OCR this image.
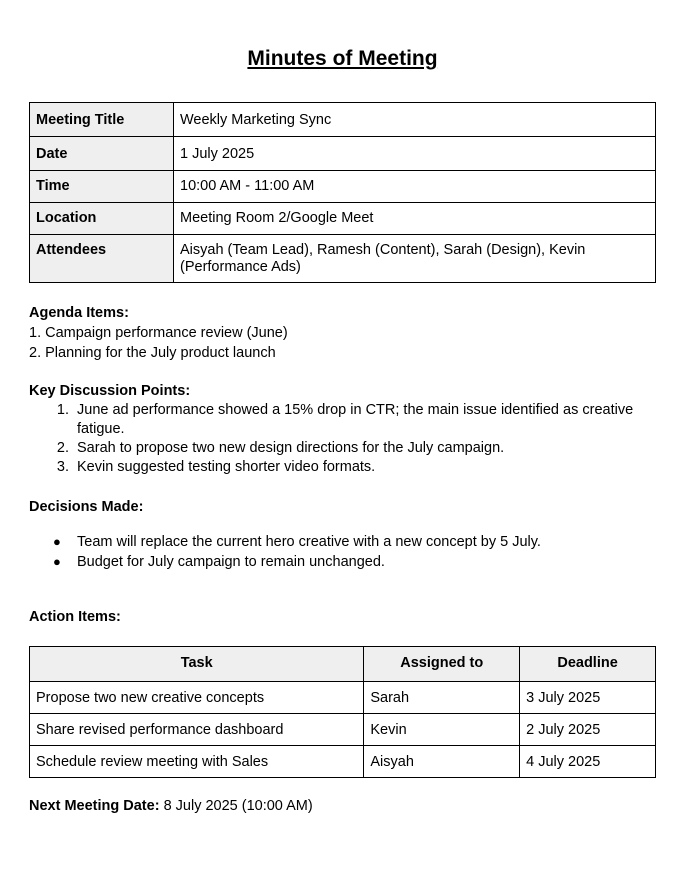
Minutes of Meeting
Meeting Title	Weekly Marketing Sync
Date	1 July 2025
Time	10:00 AM - 11:00 AM
Location	Meeting Room 2/Google Meet
Attendees	Aisyah (Team Lead), Ramesh (Content), Sarah (Design), Kevin (Performance Ads)

Agenda Items:

1. Campaign performance review (June)

2. Planning for the July product launch

Key Discussion Points:

1. June ad performance showed a 15% drop in CTR; the main issue identified as creative fatigue.
2. Sarah to propose two new design directions for the July campaign.
3. Kevin suggested testing shorter video formats.

Decisions Made:

● Team will replace the current hero creative with a new concept by 5 July.
● Budget for July campaign to remain unchanged.

Action Items:

Task	Assigned to	Deadline
Propose two new creative concepts	Sarah	3 July 2025
Share revised performance dashboard	Kevin	2 July 2025
Schedule review meeting with Sales	Aisyah	4 July 2025

Next Meeting Date: 8 July 2025 (10:00 AM)
